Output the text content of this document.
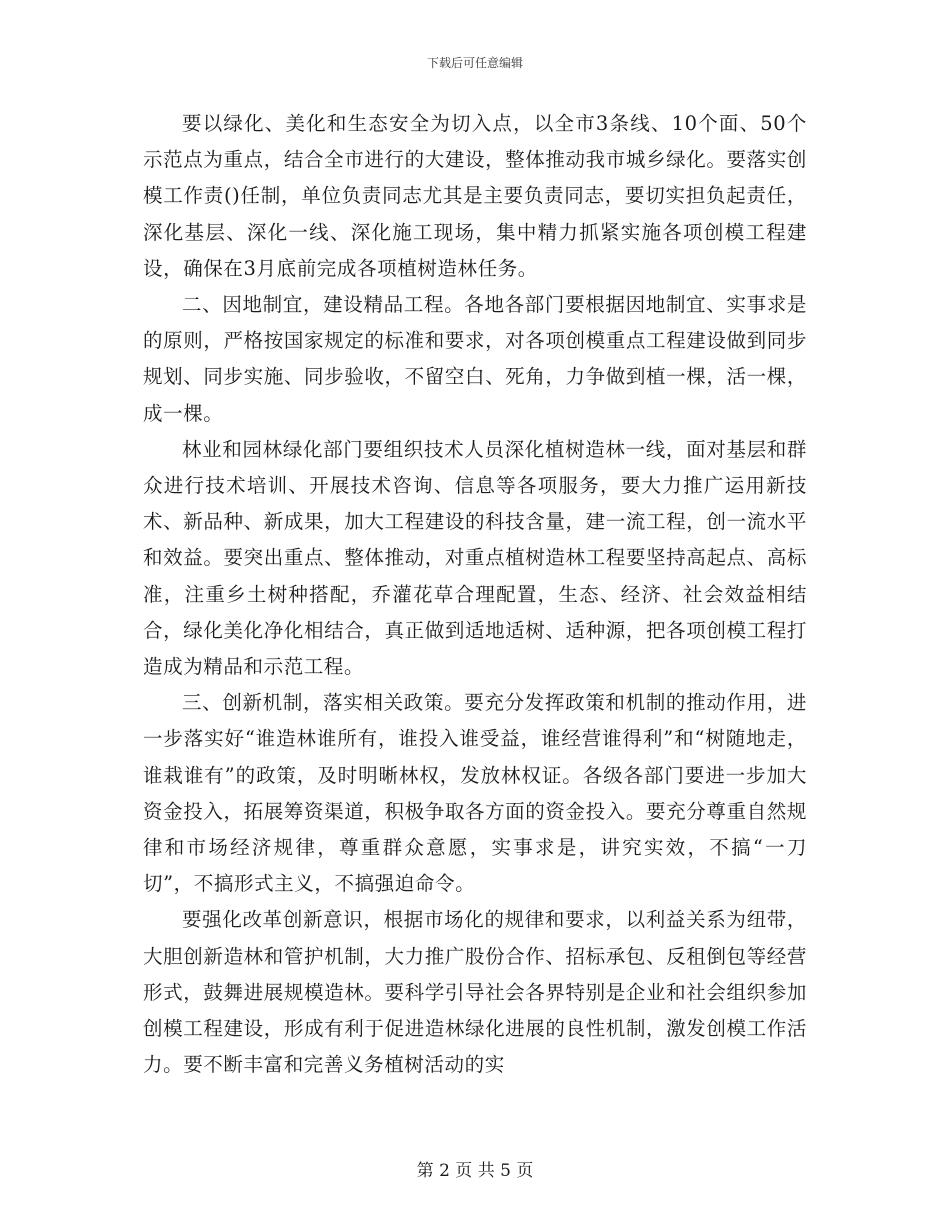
下载后可任意编辑

要以绿化、美化和生态安全为切入点，以全市3条线、10个面、50个示范点为重点，结合全市进行的大建设，整体推动我市城乡绿化。要落实创模工作责()任制，单位负责同志尤其是主要负责同志，要切实担负起责任，深化基层、深化一线、深化施工现场，集中精力抓紧实施各项创模工程建设，确保在3月底前完成各项植树造林任务。

二、因地制宜，建设精品工程。各地各部门要根据因地制宜、实事求是的原则，严格按国家规定的标准和要求，对各项创模重点工程建设做到同步规划、同步实施、同步验收，不留空白、死角，力争做到植一棵，活一棵，成一棵。

林业和园林绿化部门要组织技术人员深化植树造林一线，面对基层和群众进行技术培训、开展技术咨询、信息等各项服务，要大力推广运用新技术、新品种、新成果，加大工程建设的科技含量，建一流工程，创一流水平和效益。要突出重点、整体推动，对重点植树造林工程要坚持高起点、高标准，注重乡土树种搭配，乔灌花草合理配置，生态、经济、社会效益相结合，绿化美化净化相结合，真正做到适地适树、适种源，把各项创模工程打造成为精品和示范工程。

三、创新机制，落实相关政策。要充分发挥政策和机制的推动作用，进一步落实好“谁造林谁所有，谁投入谁受益，谁经营谁得利”和“树随地走，谁栽谁有”的政策，及时明晰林权，发放林权证。各级各部门要进一步加大资金投入，拓展筹资渠道，积极争取各方面的资金投入。要充分尊重自然规律和市场经济规律，尊重群众意愿，实事求是，讲究实效，不搞“一刀切”，不搞形式主义，不搞强迫命令。

要强化改革创新意识，根据市场化的规律和要求，以利益关系为纽带，大胆创新造林和管护机制，大力推广股份合作、招标承包、反租倒包等经营形式，鼓舞进展规模造林。要科学引导社会各界特别是企业和社会组织参加创模工程建设，形成有利于促进造林绿化进展的良性机制，激发创模工作活力。要不断丰富和完善义务植树活动的实

第 2 页 共 5 页
